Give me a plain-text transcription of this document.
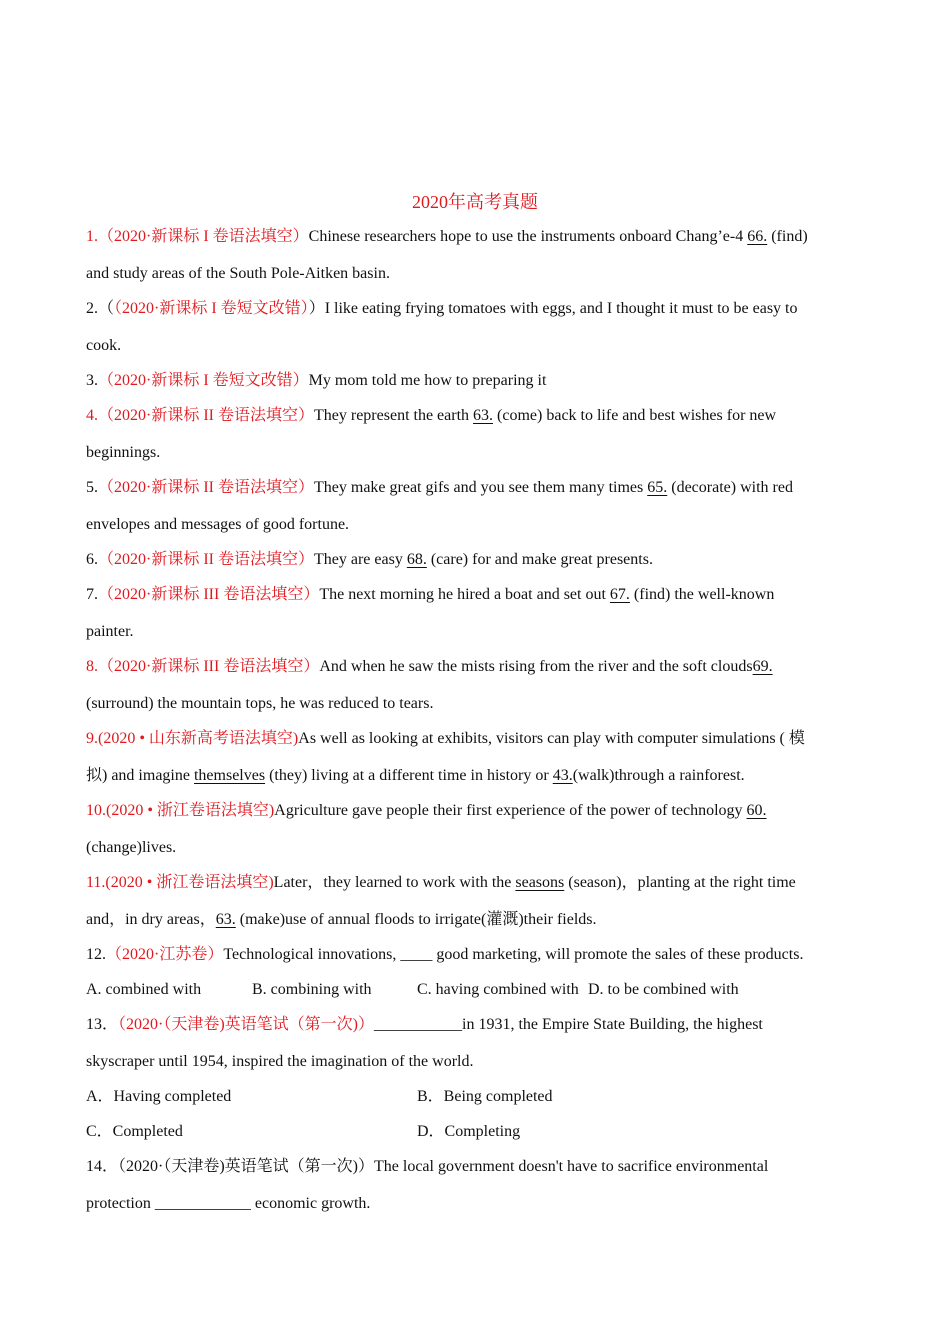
2020年高考真题
1.（2020·新课标 I 卷语法填空）Chinese researchers hope to use the instruments onboard Chang’e-4 66. (find)
and study areas of the South Pole-Aitken basin.
2.（（2020·新课标 I 卷短文改错））I like eating frying tomatoes with eggs, and I thought it must to be easy to
cook.
3.（2020·新课标 I 卷短文改错）My mom told me how to preparing it
4.（2020·新课标 II 卷语法填空）They represent the earth 63. (come) back to life and best wishes for new
beginnings.
5.（2020·新课标 II 卷语法填空）They make great gifs and you see them many times 65. (decorate) with red
envelopes and messages of good fortune.
6.（2020·新课标 II 卷语法填空）They are easy 68. (care) for and make great presents.
7.（2020·新课标 III 卷语法填空）The next morning he hired a boat and set out 67. (find) the well-known
painter.
8.（2020·新课标 III 卷语法填空）And when he saw the mists rising from the river and the soft clouds69.
(surround) the mountain tops, he was reduced to tears.
9.(2020 • 山东新高考语法填空)As well as looking at exhibits, visitors can play with computer simulations ( 模
拟) and imagine themselves (they) living at a different time in history or 43.(walk)through a rainforest.
10.(2020 • 浙江卷语法填空)Agriculture gave people their first experience of the power of technology 60.
(change)lives.
11.(2020 • 浙江卷语法填空)Later，they learned to work with the seasons (season)，planting at the right time
and，in dry areas，63. (make)use of annual floods to irrigate(灌溉)their fields.
12.（2020·江苏卷）Technological innovations, ____ good marketing, will promote the sales of these products.
A. combined with	B. combining with	C. having combined with D. to be combined with
13．（2020·（天津卷)英语笔试（第一次)）___________in 1931, the Empire State Building, the highest
skyscraper until 1954, inspired the imagination of the world.
A．Having completed	B．Being completed
C．Completed	D．Completing
14．（2020·（天津卷)英语笔试（第一次)）The local government doesn't have to sacrifice environmental
protection ____________ economic growth.
